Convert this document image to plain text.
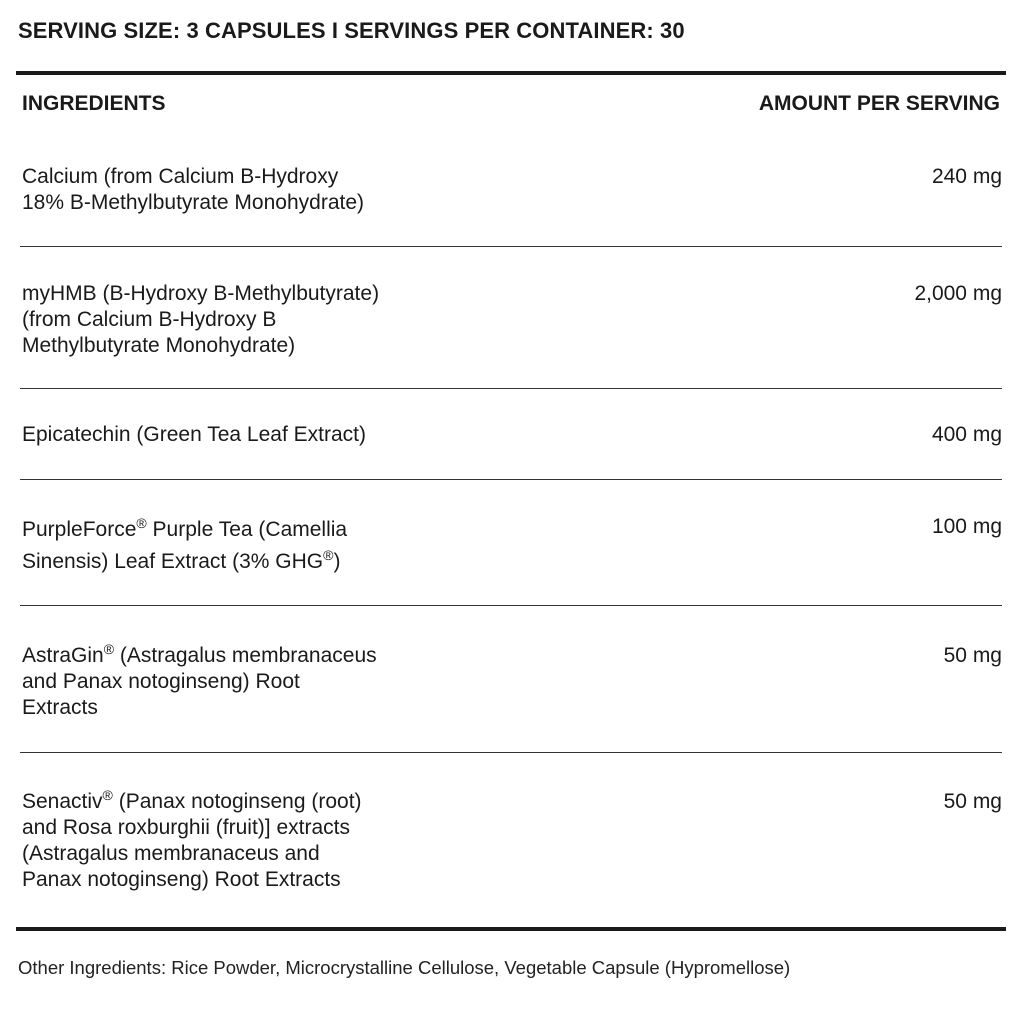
SERVING SIZE: 3 CAPSULES I SERVINGS PER CONTAINER: 30
INGREDIENTS	AMOUNT PER SERVING
Calcium (from Calcium B-Hydroxy
18% B-Methylbutyrate Monohydrate)
240 mg
myHMB (B-Hydroxy B-Methylbutyrate)
(from Calcium B-Hydroxy B
Methylbutyrate Monohydrate)
2,000 mg
Epicatechin (Green Tea Leaf Extract)	400 mg
PurpleForce® Purple Tea (Camellia
Sinensis) Leaf Extract (3% GHG®)
100 mg
AstraGin® (Astragalus membranaceus
and Panax notoginseng) Root
Extracts
50 mg
Senactiv® (Panax notoginseng (root)
and Rosa roxburghii (fruit)] extracts
(Astragalus membranaceus and
Panax notoginseng) Root Extracts
50 mg
Other Ingredients: Rice Powder, Microcrystalline Cellulose, Vegetable Capsule (Hypromellose)
